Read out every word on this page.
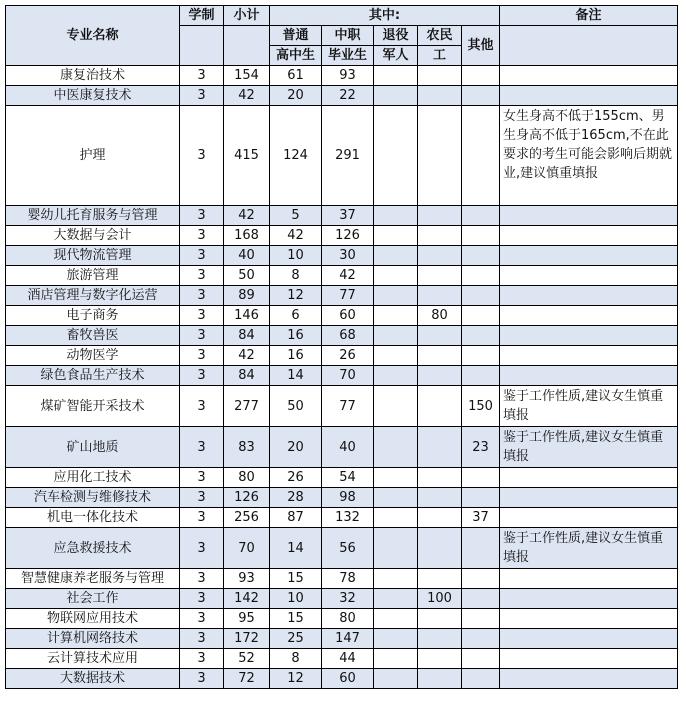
专业名称	学制	小计	其中:					备注
			普通	中职	退役	农民	其他	
			高中生	毕业生	军人	工		
康复治技术	3	154	61	93				
中医康复技术	3	42	20	22				
护理	3	415	124	291				女生身高不低于155cm、男生身高不低于165cm,不在此要求的考生可能会影响后期就业,建议慎重填报
婴幼儿托育服务与管理	3	42	5	37				
大数据与会计	3	168	42	126				
现代物流管理	3	40	10	30				
旅游管理	3	50	8	42				
酒店管理与数字化运营	3	89	12	77				
电子商务	3	146	6	60		80		
畜牧兽医	3	84	16	68				
动物医学	3	42	16	26				
绿色食品生产技术	3	84	14	70				
煤矿智能开采技术	3	277	50	77			150	鉴于工作性质,建议女生慎重填报
矿山地质	3	83	20	40			23	鉴于工作性质,建议女生慎重填报
应用化工技术	3	80	26	54				
汽车检测与维修技术	3	126	28	98				
机电一体化技术	3	256	87	132			37	
应急救援技术	3	70	14	56				鉴于工作性质,建议女生慎重填报
智慧健康养老服务与管理	3	93	15	78				
社会工作	3	142	10	32		100		
物联网应用技术	3	95	15	80				
计算机网络技术	3	172	25	147				
云计算技术应用	3	52	8	44				
大数据技术	3	72	12	60				
